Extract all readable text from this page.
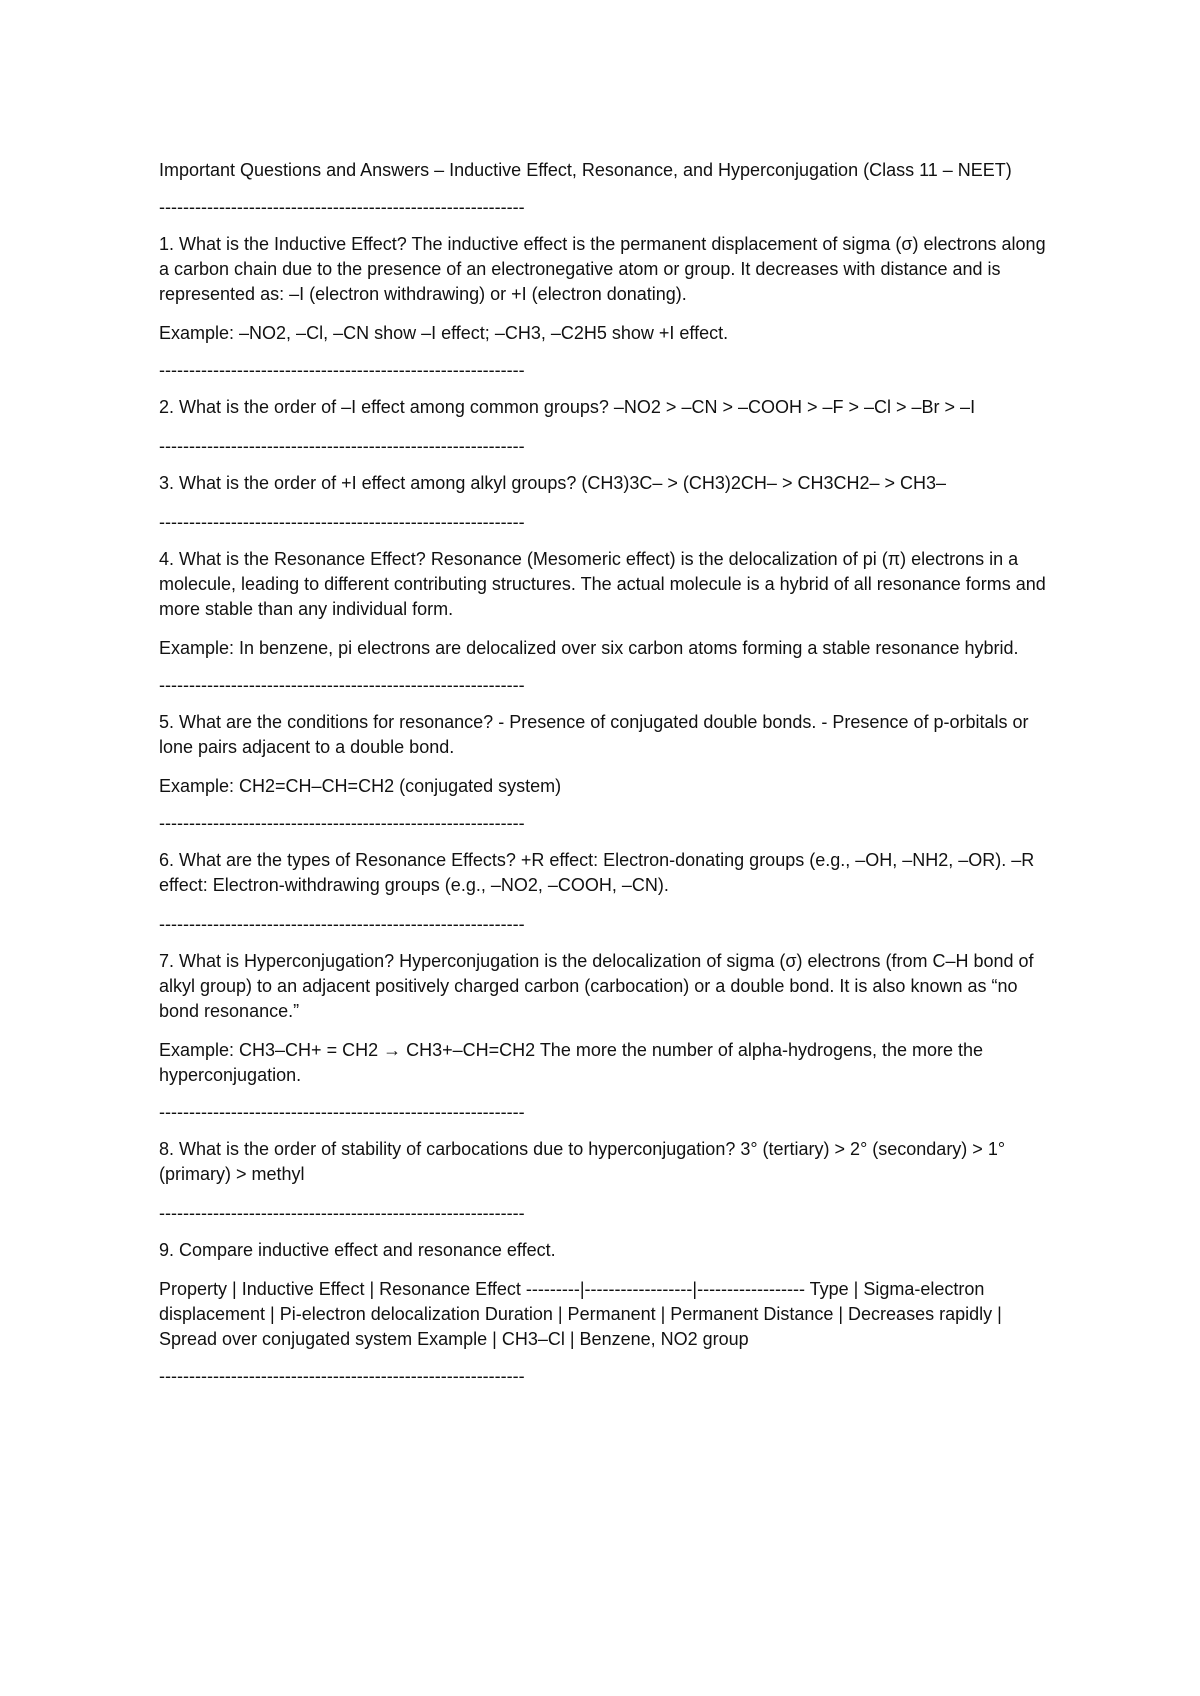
Important Questions and Answers – Inductive Effect, Resonance, and Hyperconjugation (Class 11 – NEET)

-------------------------------------------------------------

1. What is the Inductive Effect? The inductive effect is the permanent displacement of sigma (σ) electrons along a carbon chain due to the presence of an electronegative atom or group. It decreases with distance and is represented as: –I (electron withdrawing) or +I (electron donating).

Example: –NO2, –Cl, –CN show –I effect; –CH3, –C2H5 show +I effect.

-------------------------------------------------------------

2. What is the order of –I effect among common groups? –NO2 > –CN > –COOH > –F > –Cl > –Br > –I

-------------------------------------------------------------

3. What is the order of +I effect among alkyl groups? (CH3)3C– > (CH3)2CH– > CH3CH2– > CH3–

-------------------------------------------------------------

4. What is the Resonance Effect? Resonance (Mesomeric effect) is the delocalization of pi (π) electrons in a molecule, leading to different contributing structures. The actual molecule is a hybrid of all resonance forms and more stable than any individual form.

Example: In benzene, pi electrons are delocalized over six carbon atoms forming a stable resonance hybrid.

-------------------------------------------------------------

5. What are the conditions for resonance? - Presence of conjugated double bonds. - Presence of p-orbitals or lone pairs adjacent to a double bond.

Example: CH2=CH–CH=CH2 (conjugated system)

-------------------------------------------------------------

6. What are the types of Resonance Effects? +R effect: Electron-donating groups (e.g., –OH, –NH2, –OR). –R effect: Electron-withdrawing groups (e.g., –NO2, –COOH, –CN).

-------------------------------------------------------------

7. What is Hyperconjugation? Hyperconjugation is the delocalization of sigma (σ) electrons (from C–H bond of alkyl group) to an adjacent positively charged carbon (carbocation) or a double bond. It is also known as “no bond resonance.”

Example: CH3–CH+ = CH2 → CH3+–CH=CH2 The more the number of alpha-hydrogens, the more the hyperconjugation.

-------------------------------------------------------------

8. What is the order of stability of carbocations due to hyperconjugation? 3° (tertiary) > 2° (secondary) > 1° (primary) > methyl

-------------------------------------------------------------

9. Compare inductive effect and resonance effect.

Property | Inductive Effect | Resonance Effect ---------|------------------|------------------ Type | Sigma-electron displacement | Pi-electron delocalization Duration | Permanent | Permanent Distance | Decreases rapidly | Spread over conjugated system Example | CH3–Cl | Benzene, NO2 group

-------------------------------------------------------------
